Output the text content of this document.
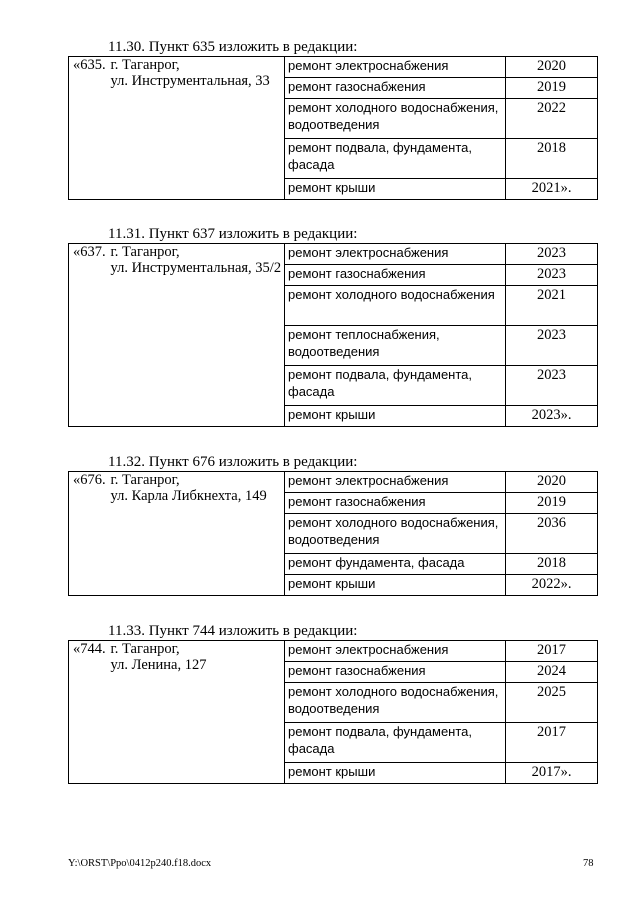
11.30. Пункт 635 изложить в редакции:
«635.	г. Таганрог,
ул. Инструментальная, 33	ремонт электроснабжения	2020
		ремонт газоснабжения	2019
		ремонт холодного водоснабжения, водоотведения	2022
		ремонт подвала, фундамента, фасада	2018
		ремонт крыши	2021».
11.31. Пункт 637 изложить в редакции:
«637.	г. Таганрог,
ул. Инструментальная, 35/2	ремонт электроснабжения	2023
		ремонт газоснабжения	2023
		ремонт холодного водоснабжения	2021
		ремонт теплоснабжения, водоотведения	2023
		ремонт подвала, фундамента, фасада	2023
		ремонт крыши	2023».
11.32. Пункт 676 изложить в редакции:
«676.	г. Таганрог,
ул. Карла Либкнехта, 149	ремонт электроснабжения	2020
		ремонт газоснабжения	2019
		ремонт холодного водоснабжения, водоотведения	2036
		ремонт фундамента, фасада	2018
		ремонт крыши	2022».
11.33. Пункт 744 изложить в редакции:
«744.	г. Таганрог,
ул. Ленина, 127	ремонт электроснабжения	2017
		ремонт газоснабжения	2024
		ремонт холодного водоснабжения, водоотведения	2025
		ремонт подвала, фундамента, фасада	2017
		ремонт крыши	2017».
Y:\ORST\Ppo\0412p240.f18.docx	78
